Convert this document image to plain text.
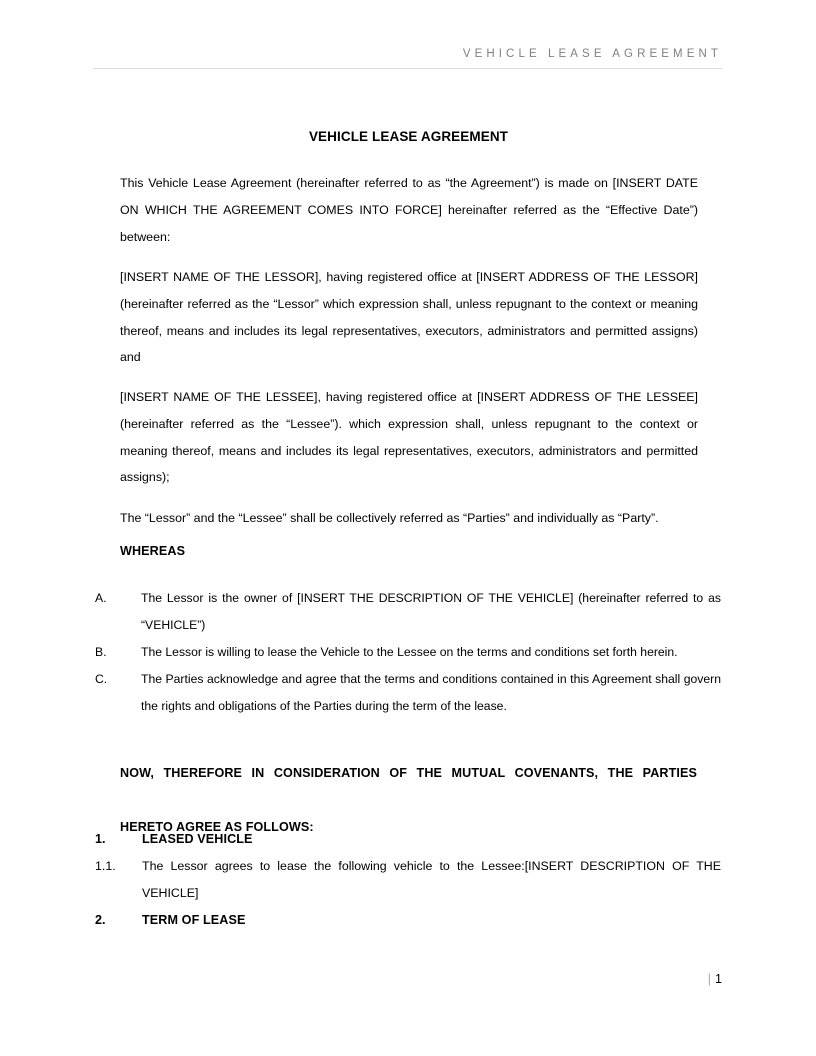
VEHICLE LEASE AGREEMENT
VEHICLE LEASE AGREEMENT
This Vehicle Lease Agreement (hereinafter referred to as “the Agreement”) is made on [INSERT DATE ON WHICH THE AGREEMENT COMES INTO FORCE] hereinafter referred as the “Effective Date”) between:
[INSERT NAME OF THE LESSOR], having registered office at [INSERT ADDRESS OF THE LESSOR] (hereinafter referred as the “Lessor” which expression shall, unless repugnant to the context or meaning thereof, means and includes its legal representatives, executors, administrators and permitted assigns) and
[INSERT NAME OF THE LESSEE], having registered office at [INSERT ADDRESS OF THE LESSEE] (hereinafter referred as the “Lessee”). which expression shall, unless repugnant to the context or meaning thereof, means and includes its legal representatives, executors, administrators and permitted assigns);
The “Lessor” and the “Lessee” shall be collectively referred as “Parties” and individually as “Party”.
WHEREAS
A.	The Lessor is the owner of [INSERT THE DESCRIPTION OF THE VEHICLE] (hereinafter referred to as “VEHICLE”)
B.	The Lessor is willing to lease the Vehicle to the Lessee on the terms and conditions set forth herein.
C.	The Parties acknowledge and agree that the terms and conditions contained in this Agreement shall govern the rights and obligations of the Parties during the term of the lease.
NOW, THEREFORE IN CONSIDERATION OF THE MUTUAL COVENANTS, THE PARTIES
HERETO AGREE AS FOLLOWS:
1.	LEASED VEHICLE
1.1.	The Lessor agrees to lease the following vehicle to the Lessee:[INSERT DESCRIPTION OF THE VEHICLE]
2.	TERM OF LEASE
| 1
